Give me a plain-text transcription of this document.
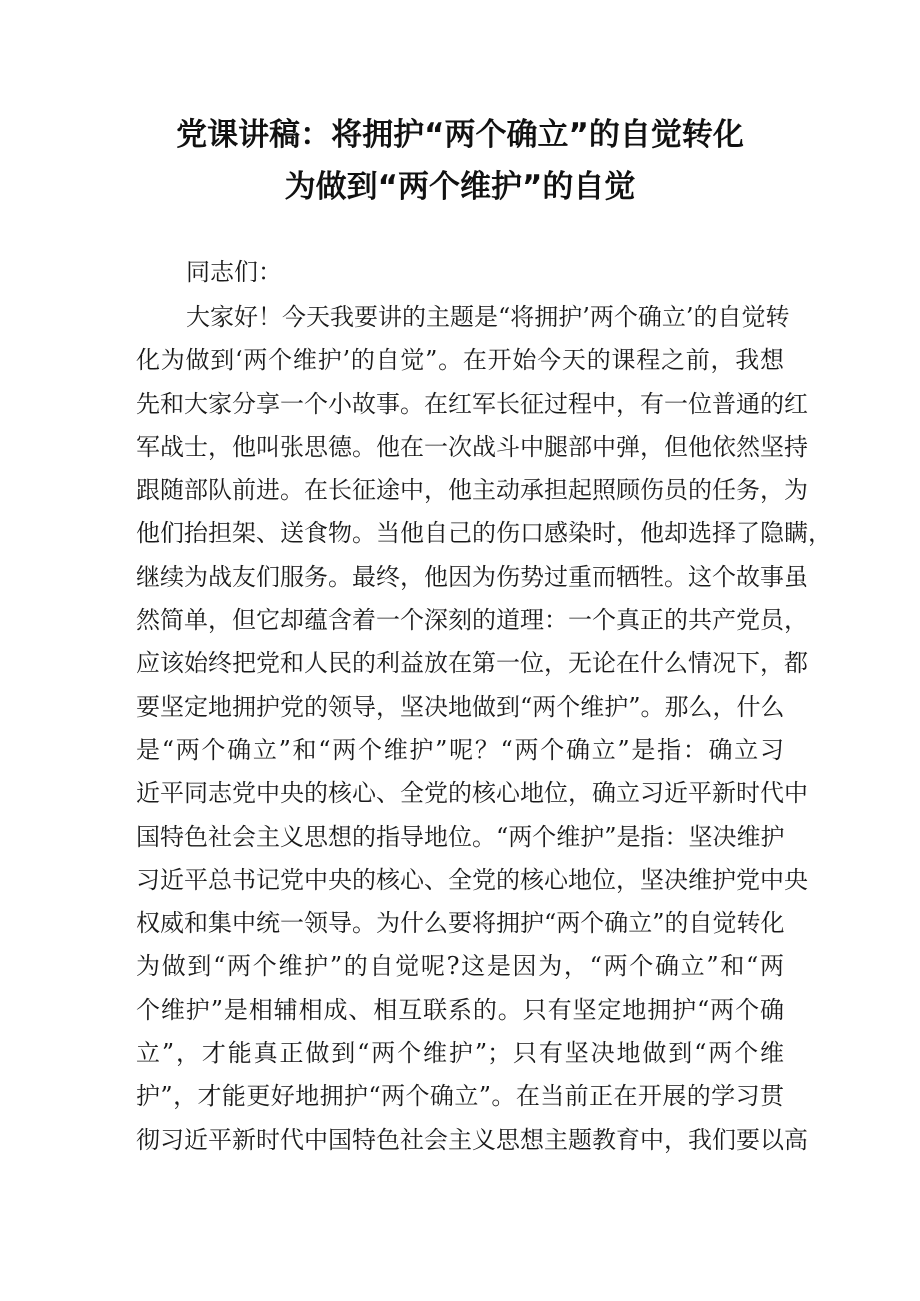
党课讲稿：将拥护“两个确立”的自觉转化
为做到“两个维护”的自觉

同志们：

大家好！今天我要讲的主题是“将拥护’两个确立’的自觉转
化为做到‘两个维护’的自觉”。在开始今天的课程之前，我想
先和大家分享一个小故事。在红军长征过程中，有一位普通的红
军战士，他叫张思德。他在一次战斗中腿部中弹，但他依然坚持
跟随部队前进。在长征途中，他主动承担起照顾伤员的任务，为
他们抬担架、送食物。当他自己的伤口感染时，他却选择了隐瞒，
继续为战友们服务。最终，他因为伤势过重而牺牲。这个故事虽
然简单，但它却蕴含着一个深刻的道理：一个真正的共产党员，
应该始终把党和人民的利益放在第一位，无论在什么情况下，都
要坚定地拥护党的领导，坚决地做到“两个维护”。那么，什么
是“两个确立”和“两个维护”呢？“两个确立”是指：确立习
近平同志党中央的核心、全党的核心地位，确立习近平新时代中
国特色社会主义思想的指导地位。“两个维护”是指：坚决维护
习近平总书记党中央的核心、全党的核心地位，坚决维护党中央
权威和集中统一领导。为什么要将拥护“两个确立”的自觉转化
为做到“两个维护”的自觉呢?这是因为，“两个确立”和“两
个维护”是相辅相成、相互联系的。只有坚定地拥护“两个确
立”，才能真正做到“两个维护”；只有坚决地做到“两个维
护”，才能更好地拥护“两个确立”。在当前正在开展的学习贯
彻习近平新时代中国特色社会主义思想主题教育中，我们要以高
